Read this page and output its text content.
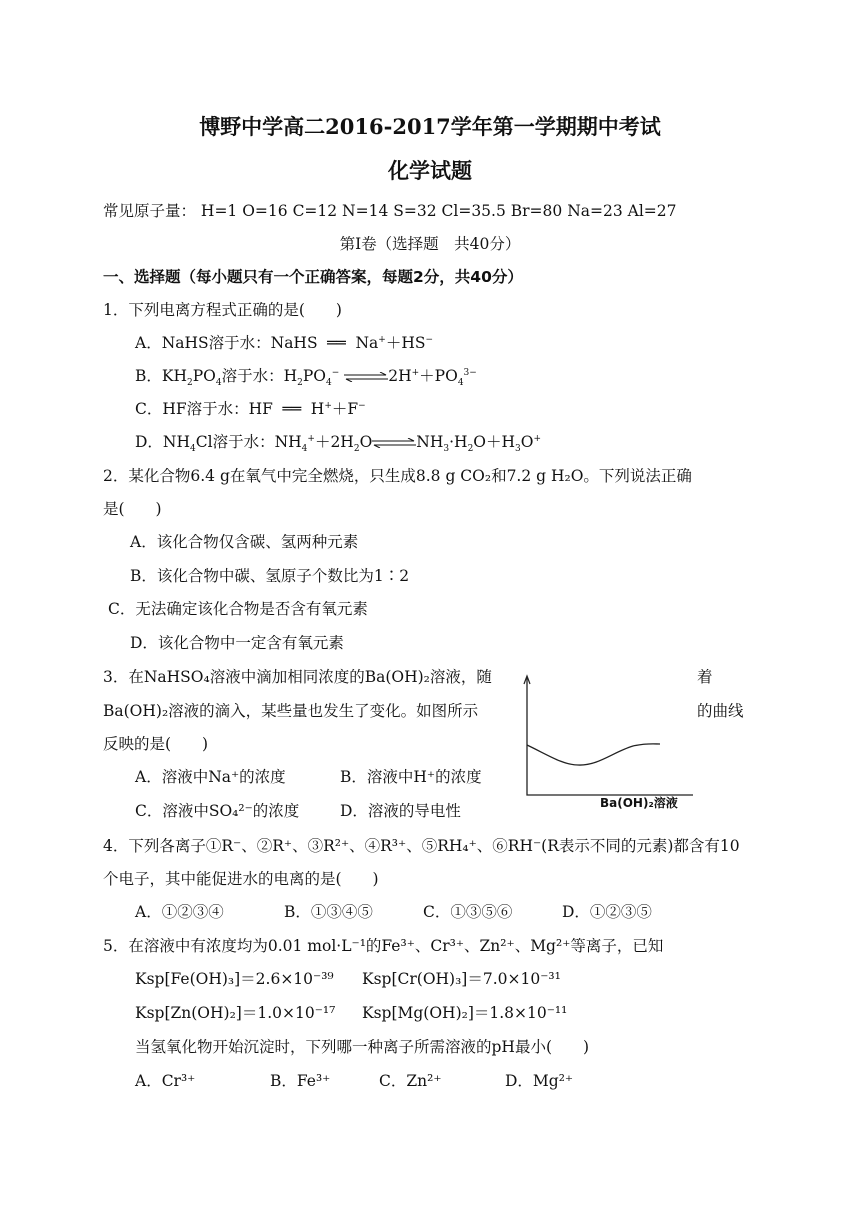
博野中学高二2016-2017学年第一学期期中考试
化学试题
常见原子量： H=1 O=16 C=12 N=14 S=32 Cl=35.5 Br=80 Na=23 Al=27
第Ⅰ卷（选择题　共40分）
一、选择题（每小题只有一个正确答案，每题2分，共40分）
1．下列电离方程式正确的是(　　)
A．NaHS溶于水：NaHS ══ Na+＋HS−
B．$KH_2PO_4$溶于水：$H_2PO_4^-$ $\rightleftharpoons 2H^++PO_4^{3-}$
C．HF溶于水：HF ══ H+＋F−
D．$NH_4Cl$溶于水：$NH_4^++2H_2O\rightleftharpoons NH_3\cdot H_2O+H_3O^+$
2．某化合物6.4 g在氧气中完全燃烧，只生成8.8 g CO₂和7.2 g H₂O。下列说法正确
是(　　)
A．该化合物仅含碳、氢两种元素
B．该化合物中碳、氢原子个数比为1∶2
C．无法确定该化合物是否含有氧元素
D．该化合物中一定含有氧元素
3．在NaHSO₄溶液中滴加相同浓度的Ba(OH)₂溶液，随	着
Ba(OH)₂溶液的滴入，某些量也发生了变化。如图所示	的曲线
反映的是(　　)
A．溶液中Na⁺的浓度	B．溶液中H⁺的浓度
C．溶液中SO₄²⁻的浓度	D．溶液的导电性	Ba(OH)₂溶液
4．下列各离子①R⁻、②R⁺、③R²⁺、④R³⁺、⑤RH₄⁺、⑥RH⁻(R表示不同的元素)都含有10
个电子，其中能促进水的电离的是(　　)
A．①②③④	B．①③④⑤	C．①③⑤⑥	D．①②③⑤
5．在溶液中有浓度均为0.01 mol·L⁻¹的Fe³⁺、Cr³⁺、Zn²⁺、Mg²⁺等离子，已知
Ksp[Fe(OH)₃]＝2.6×10⁻³⁹ Ksp[Cr(OH)₃]＝7.0×10⁻³¹
Ksp[Zn(OH)₂]＝1.0×10⁻¹⁷ Ksp[Mg(OH)₂]＝1.8×10⁻¹¹
当氢氧化物开始沉淀时，下列哪一种离子所需溶液的pH最小(　　)
A．Cr³⁺	B．Fe³⁺	C．Zn²⁺	D．Mg²⁺
